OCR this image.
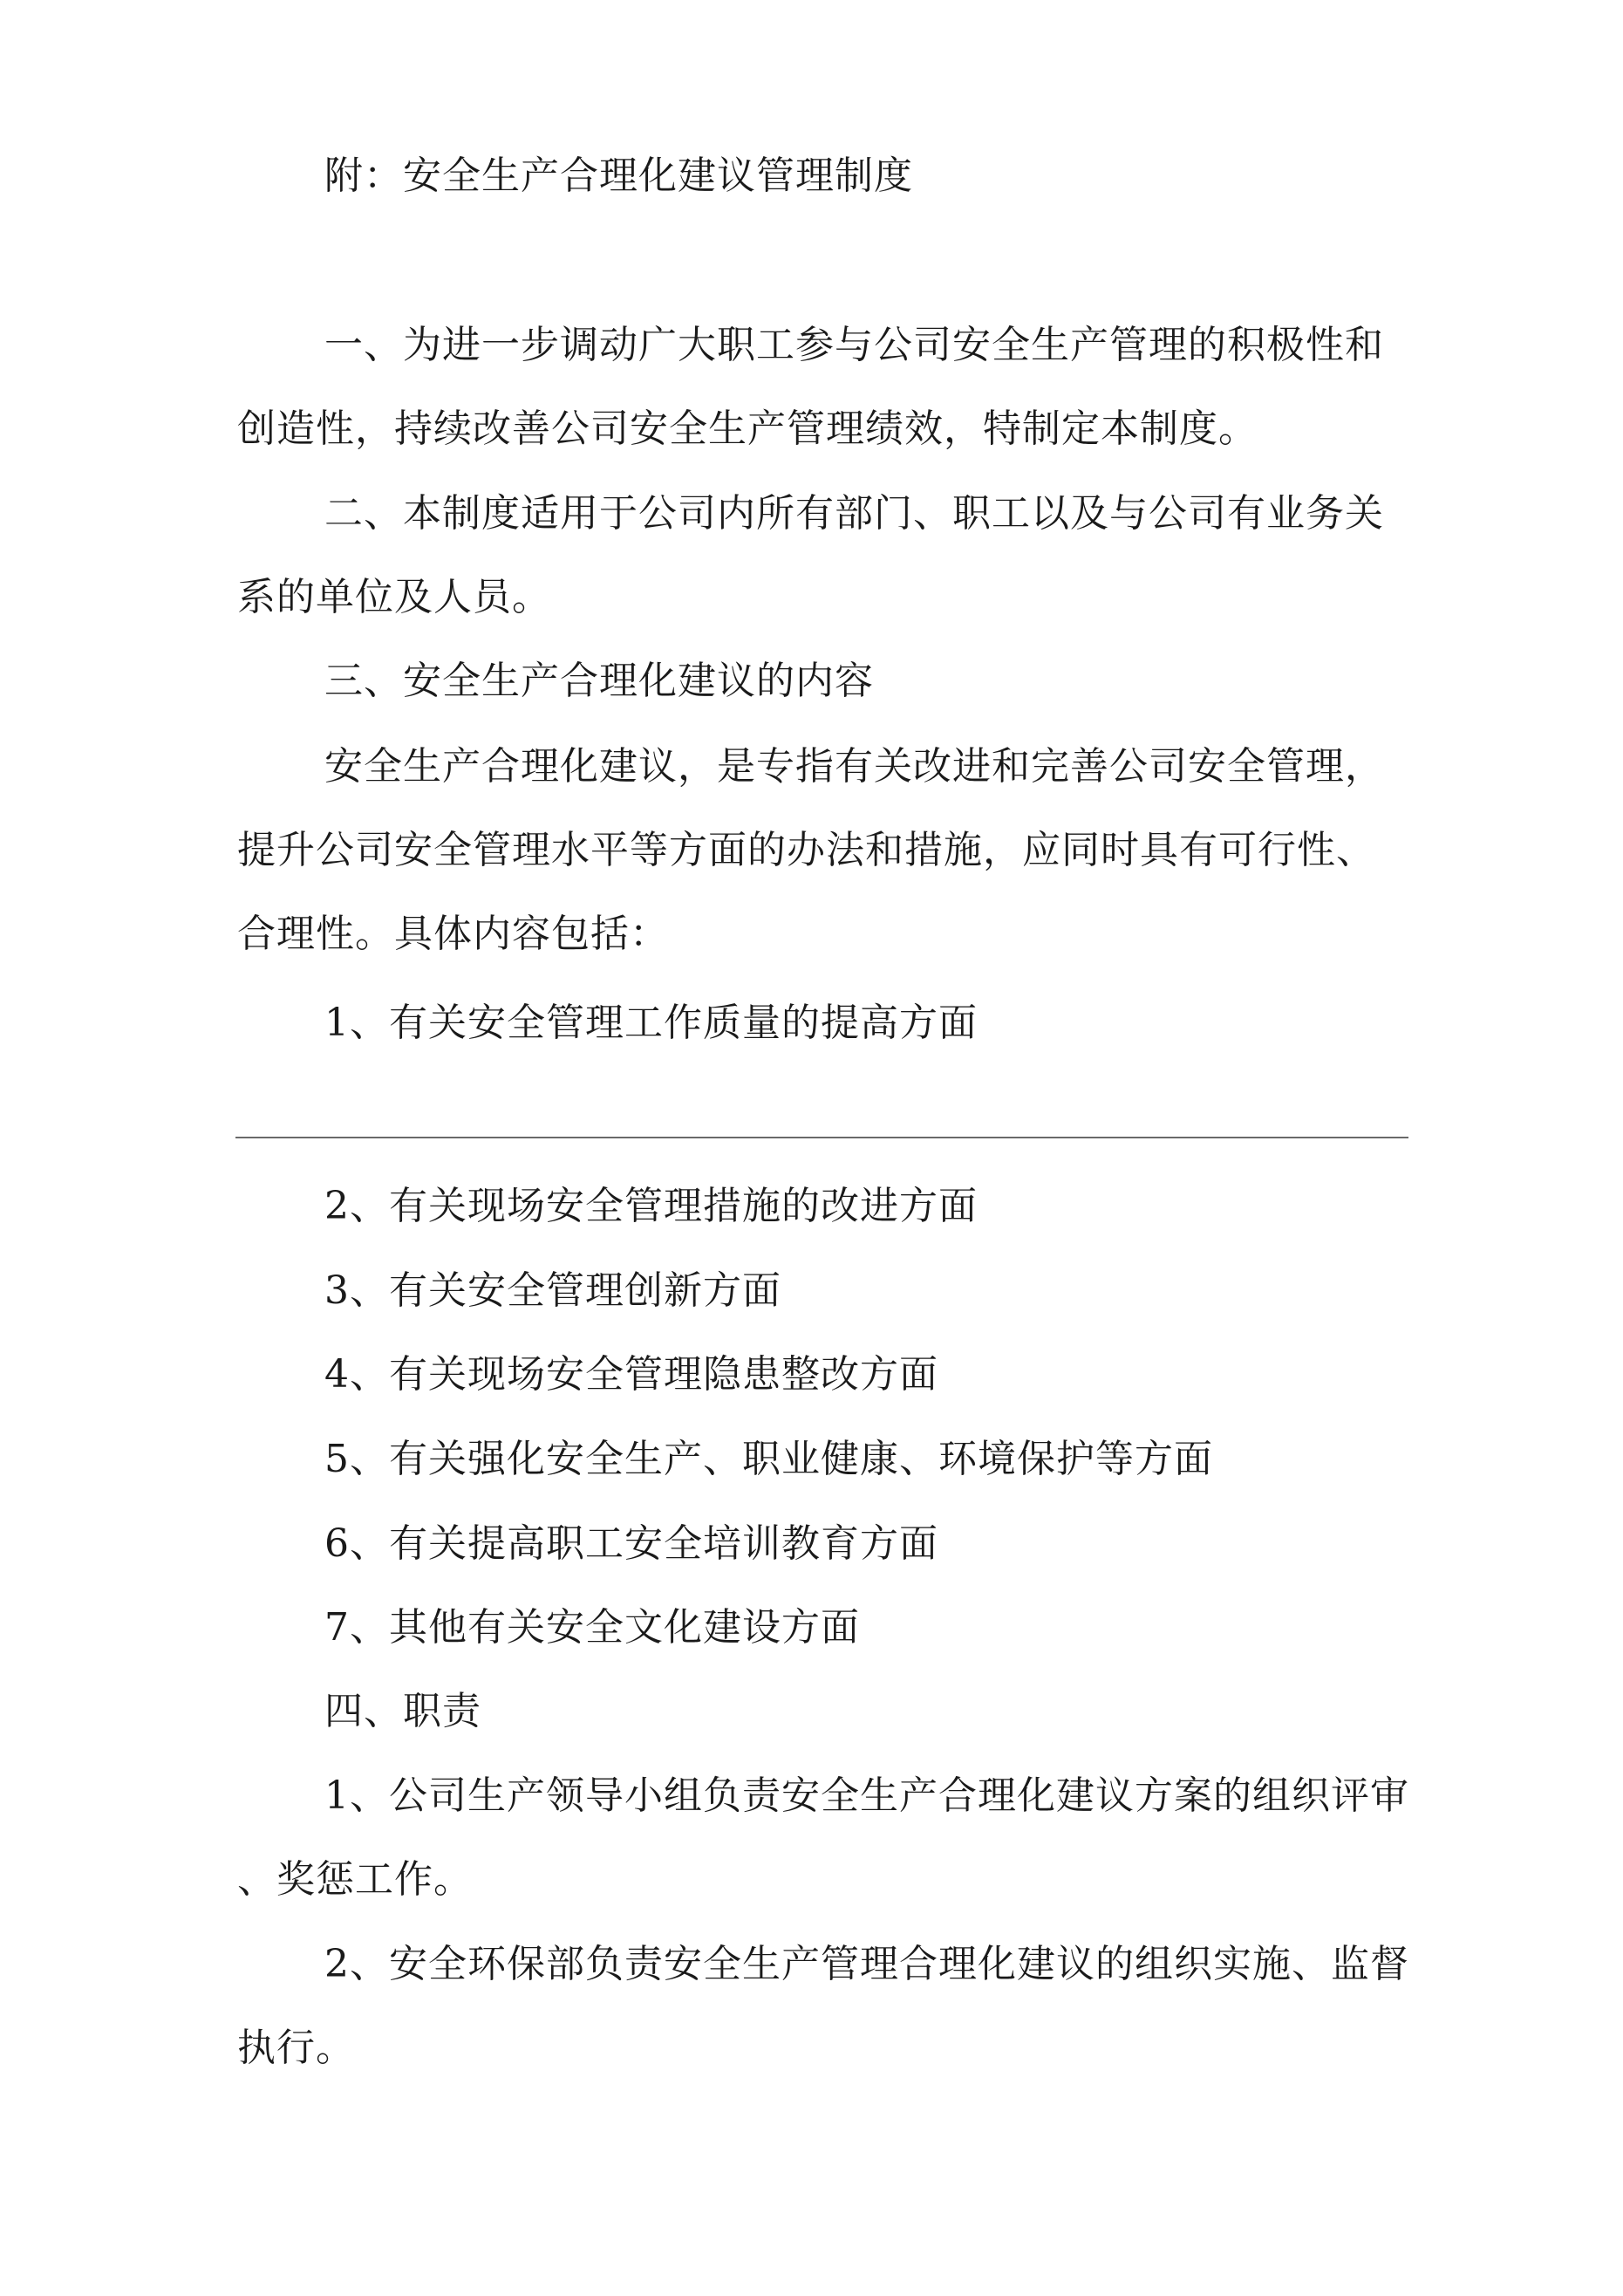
附：安全生产合理化建议管理制度
一、为进一步调动广大职工参与公司安全生产管理的积极性和
创造性，持续改善公司安全生产管理绩效，特制定本制度。
二、本制度适用于公司内所有部门、职工以及与公司有业务关
系的单位及人员。
三、安全生产合理化建议的内容
安全生产合理化建议，是专指有关改进和完善公司安全管理，
提升公司安全管理水平等方面的办法和措施，应同时具有可行性、
合理性。具体内容包括：
1、有关安全管理工作质量的提高方面
2、有关现场安全管理措施的改进方面
3、有关安全管理创新方面
4、有关现场安全管理隐患整改方面
5、有关强化安全生产、职业健康、环境保护等方面
6、有关提高职工安全培训教育方面
7、其他有关安全文化建设方面
四、职责
1、公司生产领导小组负责安全生产合理化建议方案的组织评审
、奖惩工作。
2、安全环保部负责安全生产管理合理化建议的组织实施、监督
执行。
